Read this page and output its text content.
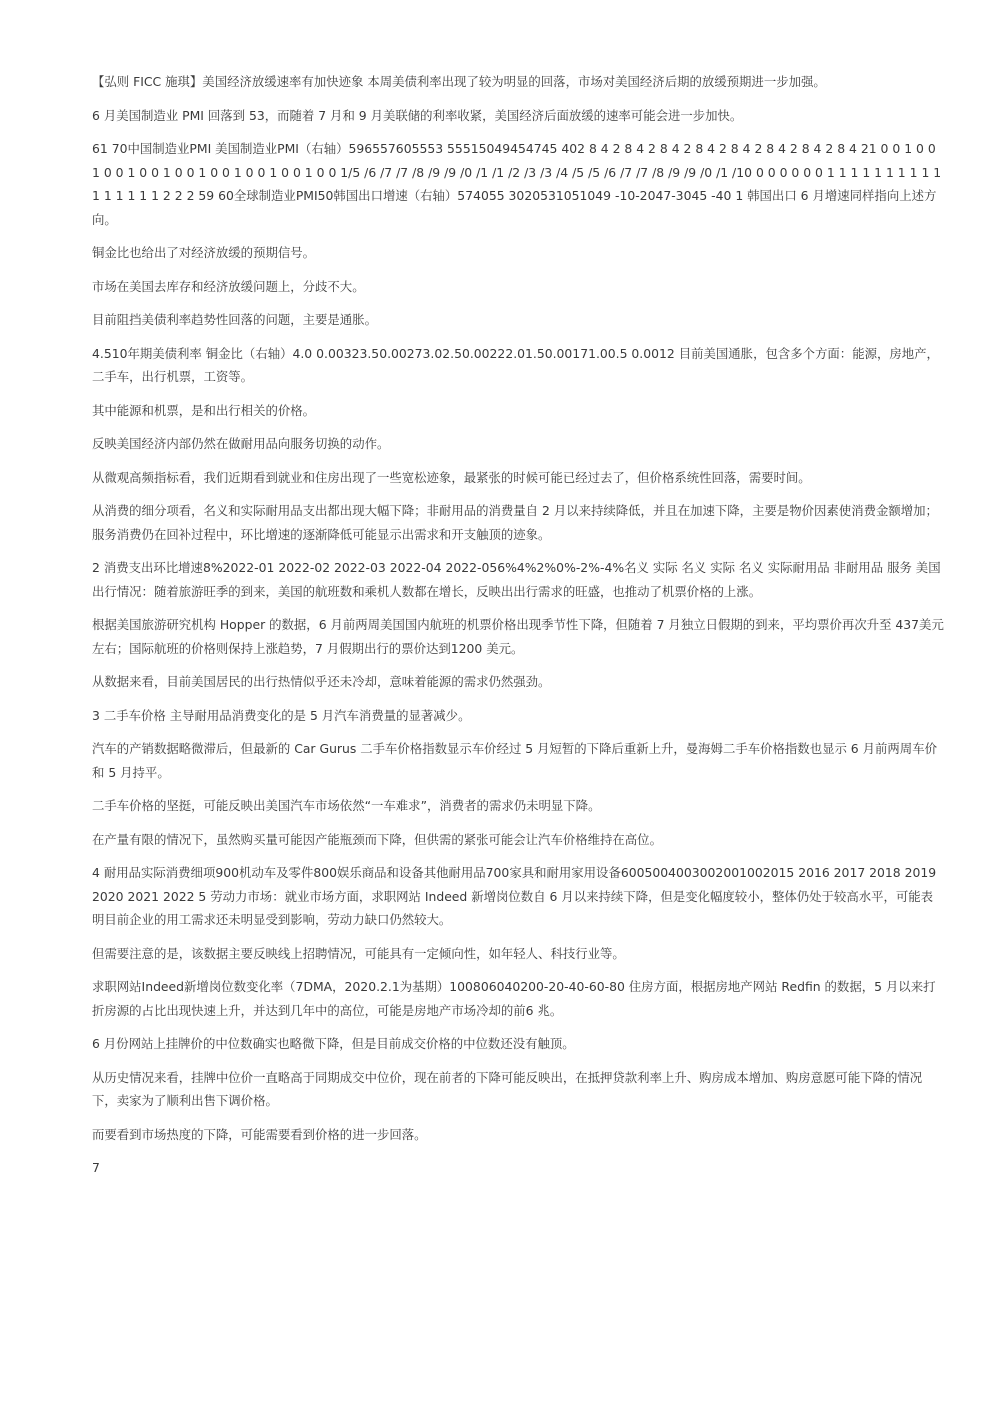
【弘则 FICC 施琪】美国经济放缓速率有加快迹象 本周美债利率出现了较为明显的回落，市场对美国经济后期的放缓预期进一步加强。

6 月美国制造业 PMI 回落到 53，而随着 7 月和 9 月美联储的利率收紧，美国经济后面放缓的速率可能会进一步加快。

61 70中国制造业PMI 美国制造业PMI（右轴）596557605553 55515049454745 402 8 4 2 8 4 2 8 4 2 8 4 2 8 4 2 8 4 2 8 4 2 8 4 21 0 0 1 0 0 1 0 0 1 0 0 1 0 0 1 0 0 1 0 0 1 0 0 1 0 0 1/5 /6 /7 /7 /8 /9 /9 /0 /1 /1 /2 /3 /3 /4 /5 /5 /6 /7 /7 /8 /9 /9 /0 /1 /10 0 0 0 0 0 0 1 1 1 1 1 1 1 1 1 1 1 1 1 1 1 1 2 2 2 59 60全球制造业PMI50韩国出口增速（右轴）574055 3020531051049 -10-2047-3045 -40 1 韩国出口 6 月增速同样指向上述方向。

铜金比也给出了对经济放缓的预期信号。

市场在美国去库存和经济放缓问题上，分歧不大。

目前阻挡美债利率趋势性回落的问题，主要是通胀。

4.510年期美债利率 铜金比（右轴）4.0 0.00323.50.00273.02.50.00222.01.50.00171.00.5 0.0012 目前美国通胀，包含多个方面：能源，房地产，二手车，出行机票，工资等。

其中能源和机票，是和出行相关的价格。

反映美国经济内部仍然在做耐用品向服务切换的动作。

从微观高频指标看，我们近期看到就业和住房出现了一些宽松迹象，最紧张的时候可能已经过去了，但价格系统性回落，需要时间。

从消费的细分项看，名义和实际耐用品支出都出现大幅下降；非耐用品的消费量自 2 月以来持续降低，并且在加速下降，主要是物价因素使消费金额增加；服务消费仍在回补过程中，环比增速的逐渐降低可能显示出需求和开支触顶的迹象。

2 消费支出环比增速8%2022-01 2022-02 2022-03 2022-04 2022-056%4%2%0%-2%-4%名义 实际 名义 实际 名义 实际耐用品 非耐用品 服务 美国出行情况：随着旅游旺季的到来，美国的航班数和乘机人数都在增长，反映出出行需求的旺盛，也推动了机票价格的上涨。

根据美国旅游研究机构 Hopper 的数据，6 月前两周美国国内航班的机票价格出现季节性下降，但随着 7 月独立日假期的到来，平均票价再次升至 437美元左右；国际航班的价格则保持上涨趋势，7 月假期出行的票价达到1200 美元。

从数据来看，目前美国居民的出行热情似乎还未冷却，意味着能源的需求仍然强劲。

3 二手车价格 主导耐用品消费变化的是 5 月汽车消费量的显著减少。

汽车的产销数据略微滞后，但最新的 Car Gurus 二手车价格指数显示车价经过 5 月短暂的下降后重新上升，曼海姆二手车价格指数也显示 6 月前两周车价和 5 月持平。

二手车价格的坚挺，可能反映出美国汽车市场依然“一车难求”，消费者的需求仍未明显下降。

在产量有限的情况下，虽然购买量可能因产能瓶颈而下降，但供需的紧张可能会让汽车价格维持在高位。

4 耐用品实际消费细项900机动车及零件800娱乐商品和设备其他耐用品700家具和耐用家用设备6005004003002001002015 2016 2017 2018 2019 2020 2021 2022 5 劳动力市场：就业市场方面，求职网站 Indeed 新增岗位数自 6 月以来持续下降，但是变化幅度较小，整体仍处于较高水平，可能表明目前企业的用工需求还未明显受到影响，劳动力缺口仍然较大。

但需要注意的是，该数据主要反映线上招聘情况，可能具有一定倾向性，如年轻人、科技行业等。

求职网站Indeed新增岗位数变化率（7DMA，2020.2.1为基期）100806040200-20-40-60-80 住房方面，根据房地产网站 Redfin 的数据，5 月以来打折房源的占比出现快速上升，并达到几年中的高位，可能是房地产市场冷却的前6 兆。

6 月份网站上挂牌价的中位数确实也略微下降，但是目前成交价格的中位数还没有触顶。

从历史情况来看，挂牌中位价一直略高于同期成交中位价，现在前者的下降可能反映出，在抵押贷款利率上升、购房成本增加、购房意愿可能下降的情况下，卖家为了顺利出售下调价格。

而要看到市场热度的下降，可能需要看到价格的进一步回落。

7
